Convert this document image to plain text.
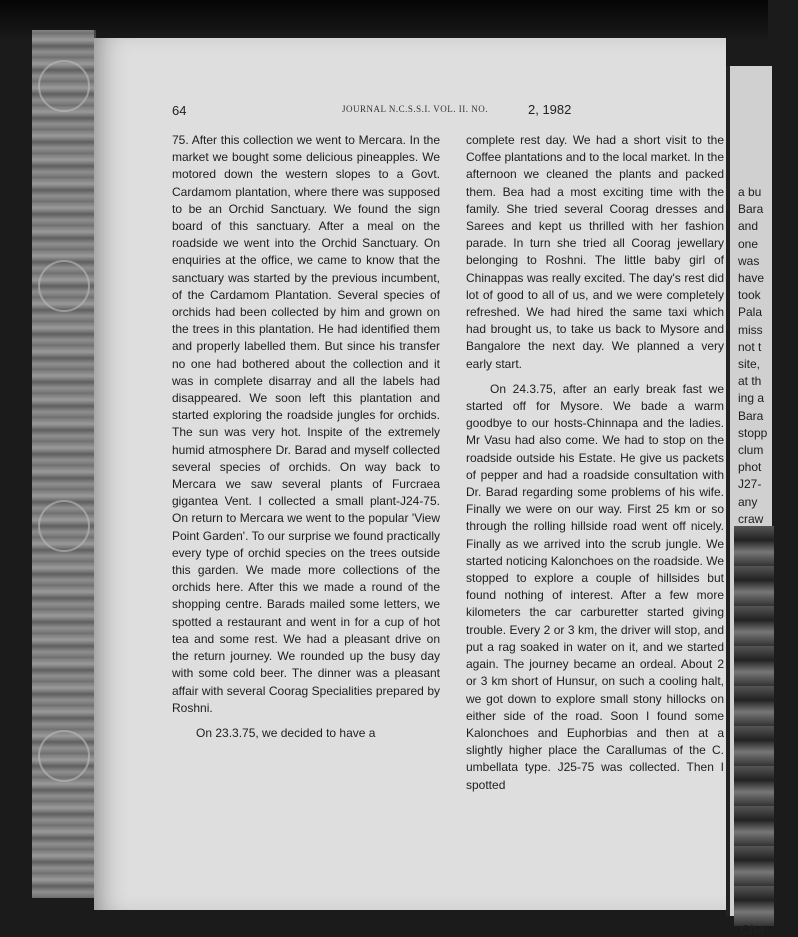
64	JOURNAL N.C.S.S.I. VOL. II. NO.	2, 1982

75. After this collection we went to Mercara. In the market we bought some delicious pineapples. We motored down the western slopes to a Govt. Cardamom plantation, where there was supposed to be an Orchid Sanctuary. We found the sign board of this sanctuary. After a meal on the roadside we went into the Orchid Sanctuary. On enquiries at the office, we came to know that the sanctuary was started by the previous incumbent, of the Cardamom Plantation. Several species of orchids had been collected by him and grown on the trees in this plantation. He had identified them and properly labelled them. But since his transfer no one had bothered about the collection and it was in complete disarray and all the labels had disappeared. We soon left this plantation and started exploring the roadside jungles for orchids. The sun was very hot. Inspite of the extremely humid atmosphere Dr. Barad and myself collected several species of orchids. On way back to Mercara we saw several plants of Furcraea gigantea Vent. I collected a small plant-J24-75. On return to Mercara we went to the popular 'View Point Garden'. To our surprise we found practically every type of orchid species on the trees outside this garden. We made more collections of the orchids here. After this we made a round of the shopping centre. Barads mailed some letters, we spotted a restaurant and went in for a cup of hot tea and some rest. We had a pleasant drive on the return journey. We rounded up the busy day with some cold beer. The dinner was a pleasant affair with several Coorag Specialities prepared by Roshni.

On 23.3.75, we decided to have a

complete rest day. We had a short visit to the Coffee plantations and to the local market. In the afternoon we cleaned the plants and packed them. Bea had a most exciting time with the family. She tried several Coorag dresses and Sarees and kept us thrilled with her fashion parade. In turn she tried all Coorag jewellary belonging to Roshni. The little baby girl of Chinappas was really excited. The day's rest did lot of good to all of us, and we were completely refreshed. We had hired the same taxi which had brought us, to take us back to Mysore and Bangalore the next day. We planned a very early start.

On 24.3.75, after an early break fast we started off for Mysore. We bade a warm goodbye to our hosts-Chinnapa and the ladies. Mr Vasu had also come. We had to stop on the roadside outside his Estate. He give us packets of pepper and had a roadside consultation with Dr. Barad regarding some problems of his wife. Finally we were on our way. First 25 km or so through the rolling hillside road went off nicely. Finally as we arrived into the scrub jungle. We started noticing Kalonchoes on the roadside. We stopped to explore a couple of hillsides but found nothing of interest. After a few more kilometers the car carburetter started giving trouble. Every 2 or 3 km, the driver will stop, and put a rag soaked in water on it, and we started again. The journey became an ordeal. About 2 or 3 km short of Hunsur, on such a cooling halt, we got down to explore small stony hillocks on either side of the road. Soon I found some Kalonchoes and Euphorbias and then at a slightly higher place the Carallumas of the C. umbellata type. J25-75 was collected. Then I spotted

a bu
Bara
and
one
was
have
took
Pala
miss
not t
site,
at th
ing a
Bara
stopp
clum
phot
J27-
any
craw
Cha
